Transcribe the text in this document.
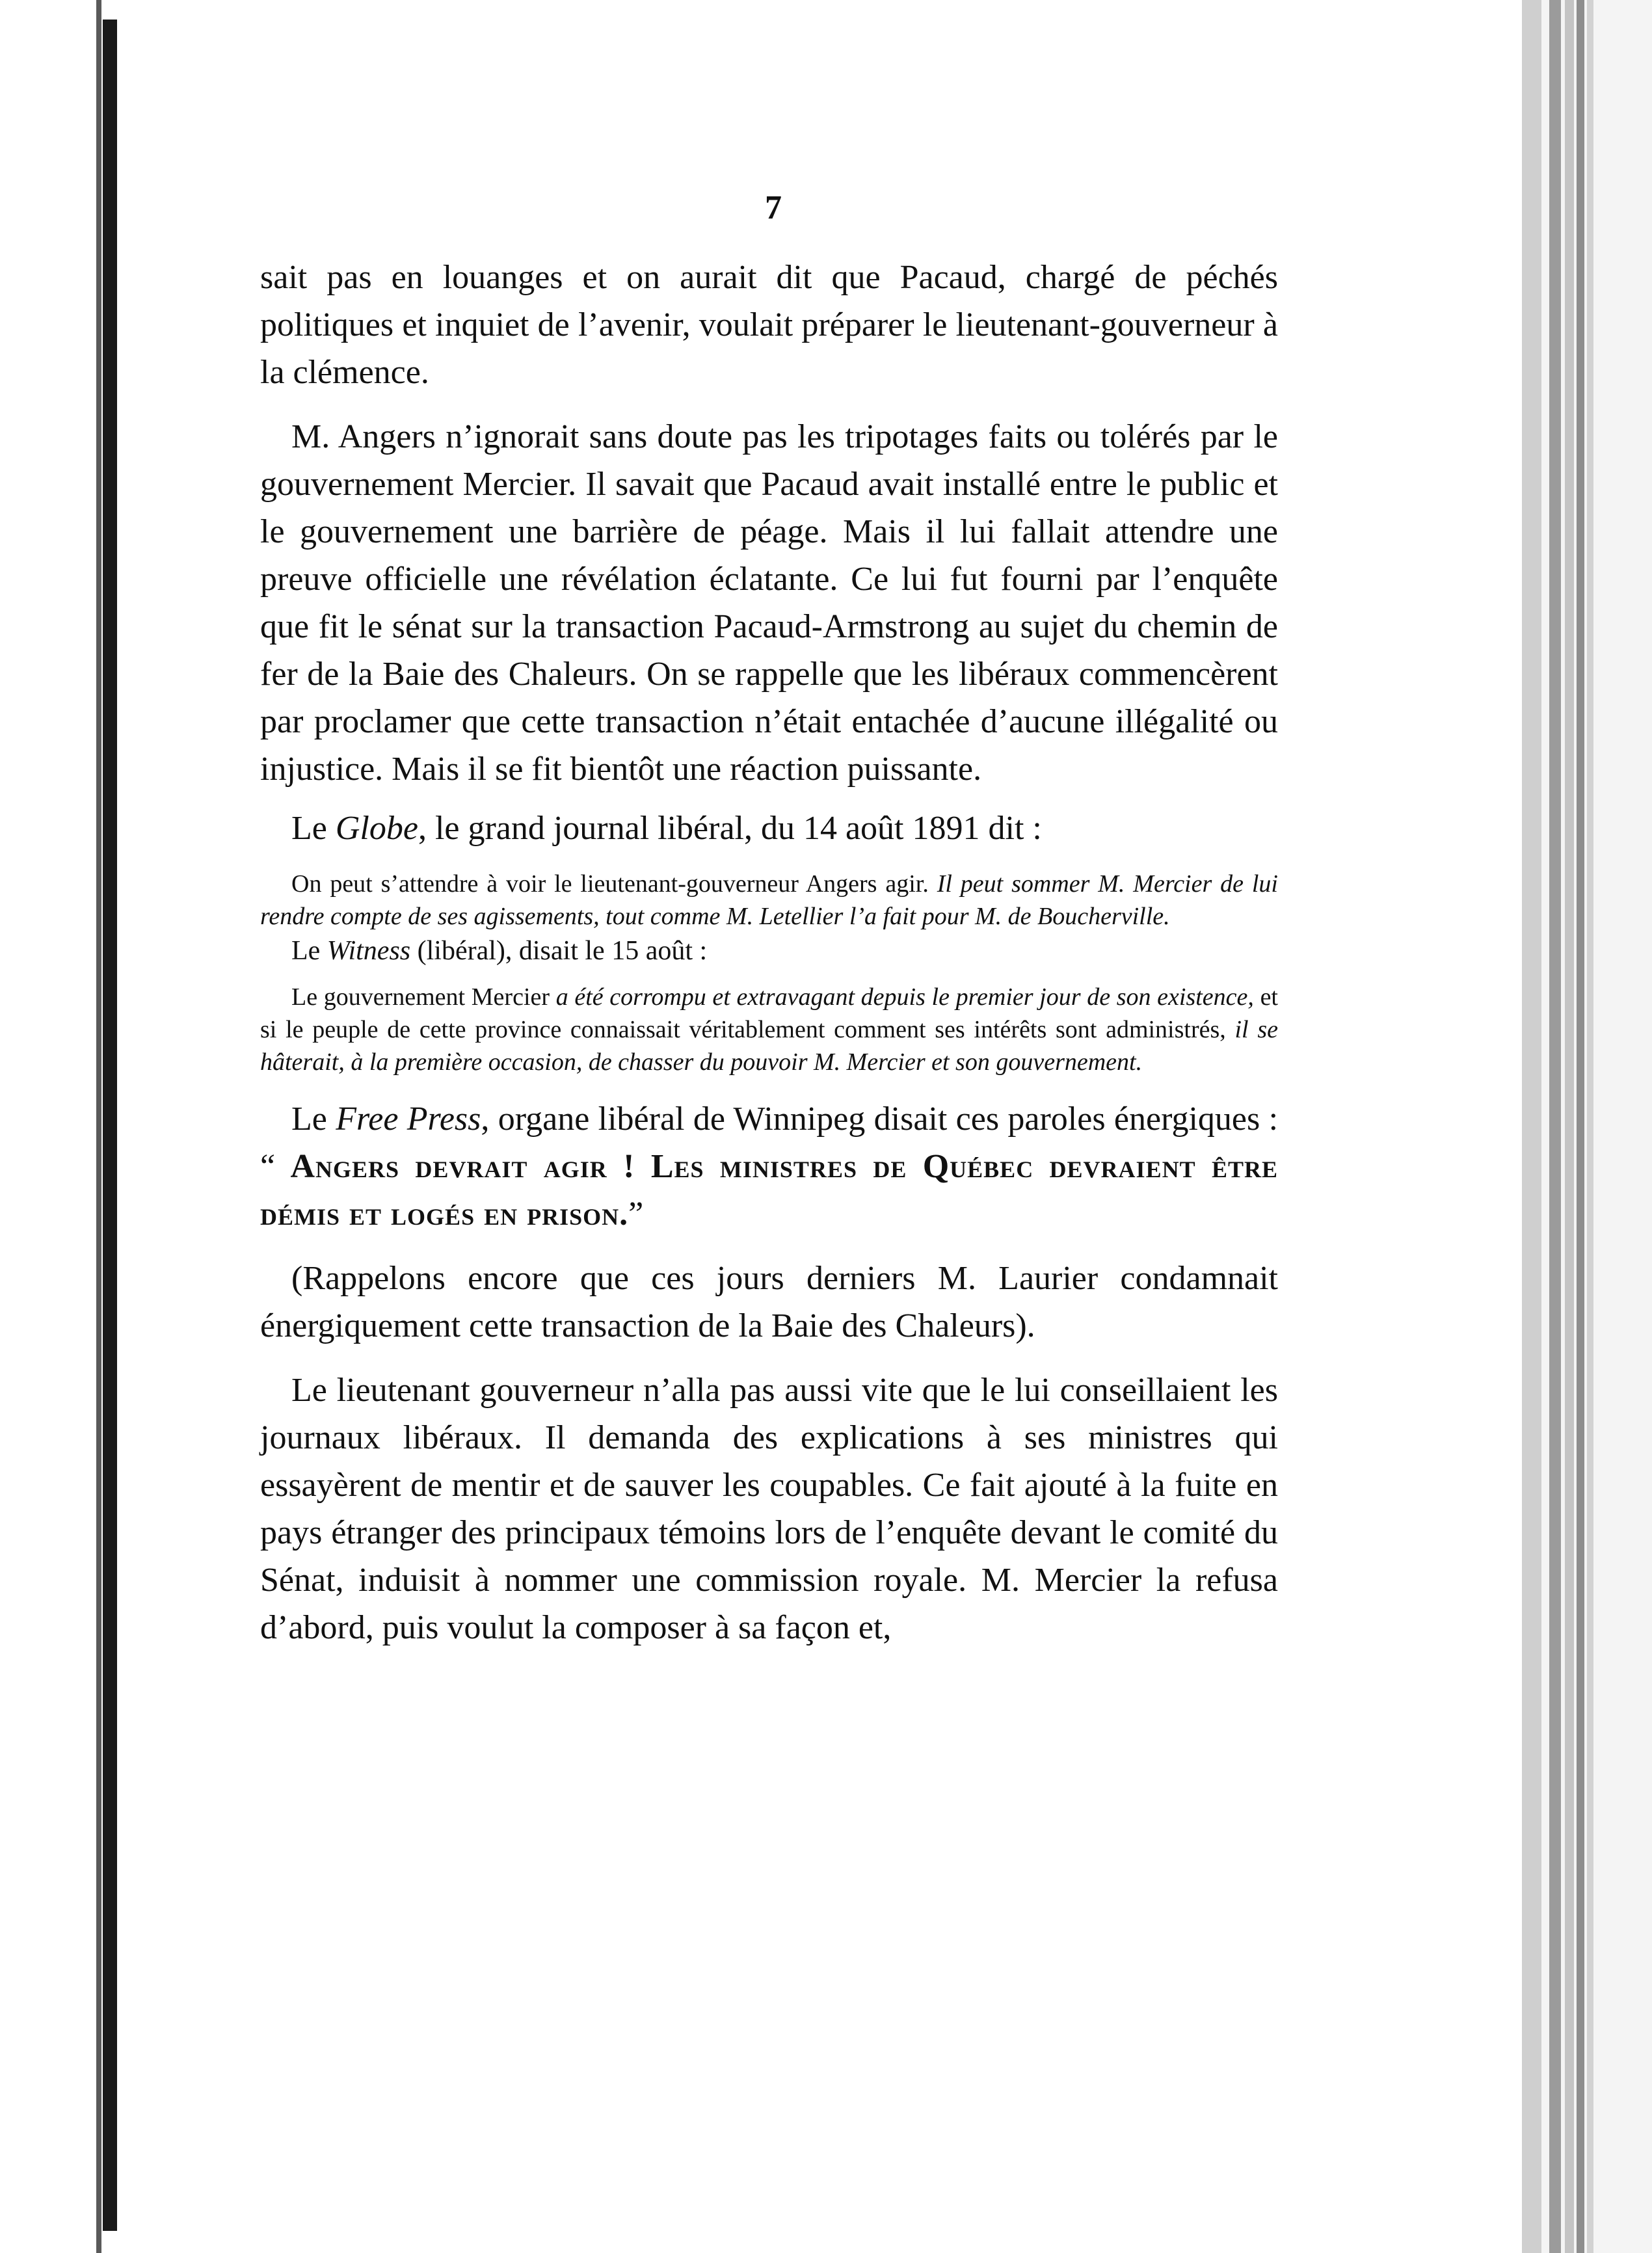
7

sait pas en louanges et on aurait dit que Pacaud, chargé de péchés politiques et inquiet de l’avenir, voulait préparer le lieutenant-gouverneur à la clémence.

M. Angers n’ignorait sans doute pas les tripotages faits ou tolérés par le gouvernement Mercier. Il savait que Pacaud avait installé entre le public et le gouvernement une barrière de péage. Mais il lui fallait attendre une preuve officielle une révélation éclatante. Ce lui fut fourni par l’enquête que fit le sénat sur la transaction Pacaud-Armstrong au sujet du chemin de fer de la Baie des Chaleurs. On se rappelle que les libéraux commencèrent par proclamer que cette transaction n’était entachée d’aucune illégalité ou injustice. Mais il se fit bientôt une réaction puissante.

Le Globe, le grand journal libéral, du 14 août 1891 dit :

On peut s’attendre à voir le lieutenant-gouverneur Angers agir. Il peut sommer M. Mercier de lui rendre compte de ses agissements, tout comme M. Letellier l’a fait pour M. de Boucherville.

Le Witness (libéral), disait le 15 août :

Le gouvernement Mercier a été corrompu et extravagant depuis le premier jour de son existence, et si le peuple de cette province connaissait véritablement comment ses intérêts sont administrés, il se hâterait, à la première occasion, de chasser du pouvoir M. Mercier et son gouvernement.

Le Free Press, organe libéral de Winnipeg disait ces paroles énergiques : “ Angers devrait agir ! Les ministres de Québec devraient être démis et logés en prison.”

(Rappelons encore que ces jours derniers M. Laurier condamnait énergiquement cette transaction de la Baie des Chaleurs).

Le lieutenant gouverneur n’alla pas aussi vite que le lui conseillaient les journaux libéraux. Il demanda des explications à ses ministres qui essayèrent de mentir et de sauver les coupables. Ce fait ajouté à la fuite en pays étranger des principaux témoins lors de l’enquête devant le comité du Sénat, induisit à nommer une commission royale. M. Mercier la refusa d’abord, puis voulut la composer à sa façon et,
